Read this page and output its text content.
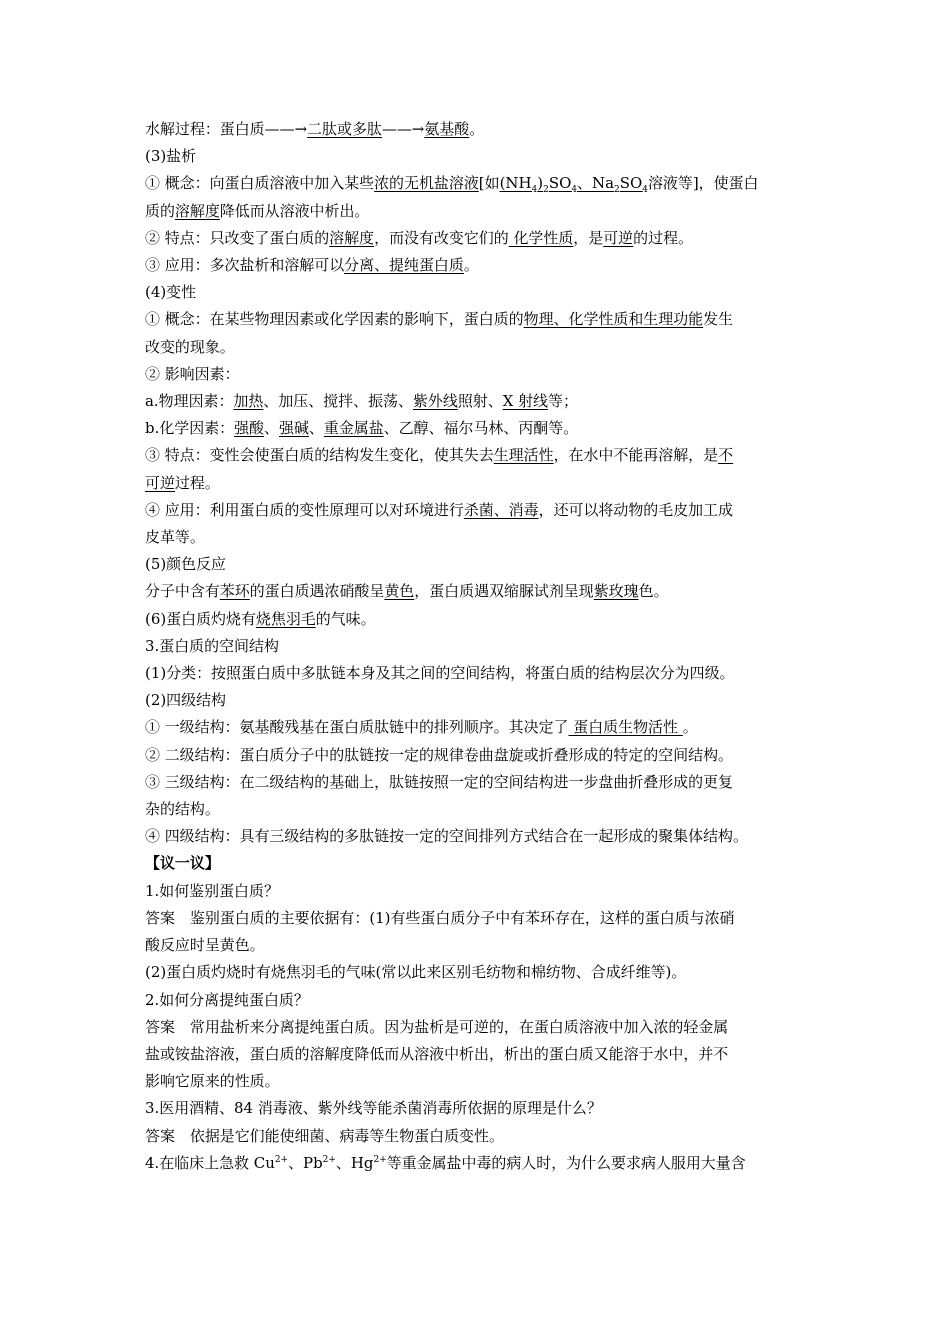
水解过程：蛋白质——→二肽或多肽——→氨基酸。
(3)盐析
① 概念：向蛋白质溶液中加入某些浓的无机盐溶液[如$(NH_4)_2SO_4$、$Na_2SO_4$溶液等]，使蛋白
质的溶解度降低而从溶液中析出。
② 特点：只改变了蛋白质的溶解度，而没有改变它们的 化学性质，是可逆的过程。
③ 应用：多次盐析和溶解可以分离、提纯蛋白质。
(4)变性
① 概念：在某些物理因素或化学因素的影响下，蛋白质的物理、化学性质和生理功能发生
改变的现象。
② 影响因素：
a.物理因素：加热、加压、搅拌、振荡、紫外线照射、X 射线等；
b.化学因素：强酸、强碱、重金属盐、乙醇、福尔马林、丙酮等。
③ 特点：变性会使蛋白质的结构发生变化，使其失去生理活性，在水中不能再溶解，是不
可逆过程。
④ 应用：利用蛋白质的变性原理可以对环境进行杀菌、消毒，还可以将动物的毛皮加工成
皮革等。
(5)颜色反应
分子中含有苯环的蛋白质遇浓硝酸呈黄色，蛋白质遇双缩脲试剂呈现紫玫瑰色。
(6)蛋白质灼烧有烧焦羽毛的气味。
3.蛋白质的空间结构
(1)分类：按照蛋白质中多肽链本身及其之间的空间结构，将蛋白质的结构层次分为四级。
(2)四级结构
① 一级结构：氨基酸残基在蛋白质肽链中的排列顺序。其决定了 蛋白质生物活性 。
② 二级结构：蛋白质分子中的肽链按一定的规律卷曲盘旋或折叠形成的特定的空间结构。
③ 三级结构：在二级结构的基础上，肽链按照一定的空间结构进一步盘曲折叠形成的更复
杂的结构。
④ 四级结构：具有三级结构的多肽链按一定的空间排列方式结合在一起形成的聚集体结构。
【议一议】
1.如何鉴别蛋白质？
答案　鉴别蛋白质的主要依据有：(1)有些蛋白质分子中有苯环存在，这样的蛋白质与浓硝
酸反应时呈黄色。
(2)蛋白质灼烧时有烧焦羽毛的气味(常以此来区别毛纺物和棉纺物、合成纤维等)。
2.如何分离提纯蛋白质？
答案　常用盐析来分离提纯蛋白质。因为盐析是可逆的，在蛋白质溶液中加入浓的轻金属
盐或铵盐溶液，蛋白质的溶解度降低而从溶液中析出，析出的蛋白质又能溶于水中，并不
影响它原来的性质。
3.医用酒精、84 消毒液、紫外线等能杀菌消毒所依据的原理是什么？
答案　依据是它们能使细菌、病毒等生物蛋白质变性。
4.在临床上急救 $Cu^{2+}$、$Pb^{2+}$、$Hg^{2+}$等重金属盐中毒的病人时，为什么要求病人服用大量含
